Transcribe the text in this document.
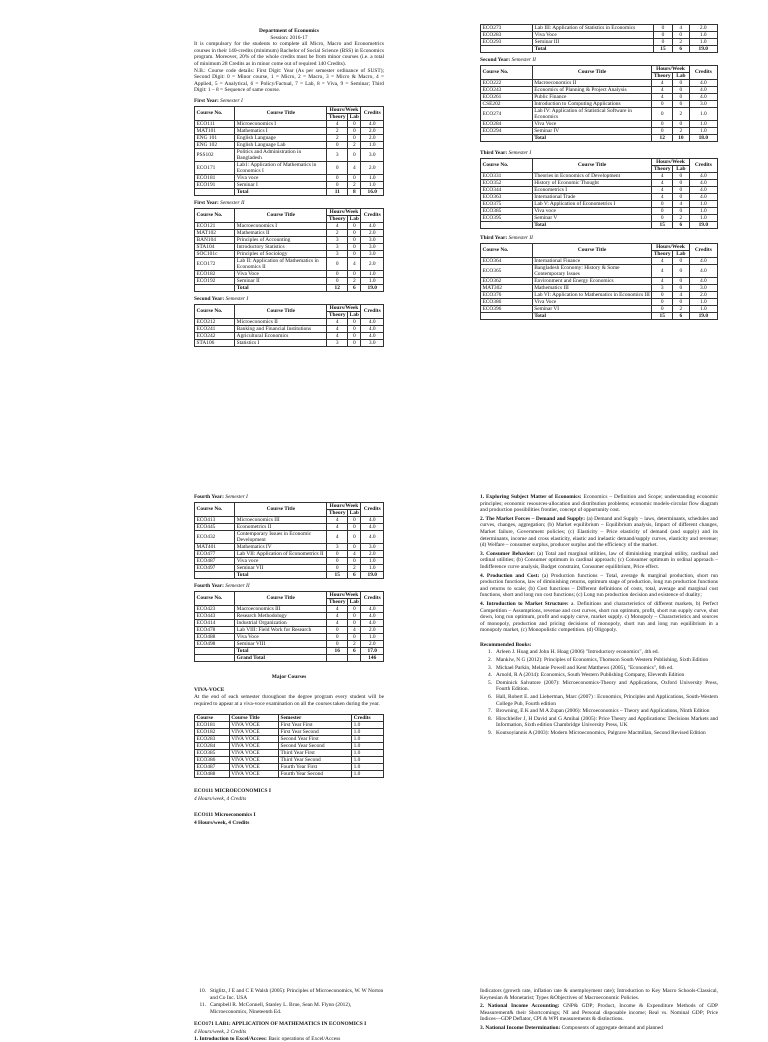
Department of Economics
Session: 2016-17
It is compulsory for the students to complete all Micro, Macro and Econometrics courses in their 140-credits (minimum) Bachelor of Social Science (BSS) in Economics program. Moreover, 20% of the whole credits must be from minor courses (i.e. a total of minimum 28 Credits as in minor come out of required 140 Credits).
N.B.: Course code details: First Digit: Year (As per semester ordinance of SUST); Second Digit: 0 = Minor course, 1 = Micro, 2 = Macro, 3 = Micro & Macro, 4 = Applied, 5 = Analytical, 6 = Policy/Factual, 7 = Lab, 8 = Viva, 9 = Seminar; Third Digit: 1 – 8 = Sequence of same course.
First Year: Semester I
Course No.	Course Title	Hours/Week		Credits
		Theory	Lab	
ECO111	Microeconomics I	4	0	4.0
MAT101	Mathematics I	2	0	2.0
ENG 101	English Language	2	0	2.0
ENG 102	English Language Lab	0	2	1.0
PSS102	Politics and Administration in Bangladesh	3	0	3.0
ECO171	Lab1: Application of Mathematics in Economics I	0	4	2.0
ECO181	Viva voce	0	0	1.0
ECO191	Seminar I	0	2	1.0
	Total	11	8	16.0
First Year: Semester II
Course No.	Course Title	Hours/Week		Credits
		Theory	Lab	
ECO121	Macroeconomics I	4	0	4.0
MAT102	Mathematics II	2	0	2.0
BAN104	Principles of Accounting	3	0	3.0
STA104	Introductory Statistics	3	0	3.0
SOC101c	Principles of Sociology	3	0	3.0
ECO172	Lab II: Application of Mathematics in Economics II	0	4	2.0
ECO182	Viva Voce	0	0	1.0
ECO192	Seminar II	0	2	1.0
	Total	12	6	19.0
Second Year: Semester I
Course No.	Course Title	Hours/Week		Credits
		Theory	Lab	
ECO212	Microeconomics II	4	0	4.0
ECO241	Banking and Financial Institutions	4	0	4.0
ECO242	Agricultural Economics	4	0	4.0
STA106	Statistics I	3	0	3.0
ECO273	Lab III: Application of Statistics in Economics	0	4	2.0
ECO283	Viva Voce	0	0	1.0
ECO293	Seminar III	0	2	1.0
	Total	15	6	19.0
Second Year: Semester II
Course No.	Course Title	Hours/Week		Credits
		Theory	Lab	
ECO222	Macroeconomics II	4	0	4.0
ECO243	Economics of Planning & Project Analysis	4	0	4.0
ECO261	Public Finance	4	0	4.0
CSE202	Introduction to Computing Applications	0	6	3.0
ECO274	Lab IV: Application of Statistical Software in Economics	0	2	1.0
ECO284	Viva Voce	0	0	1.0
ECO294	Seminar IV	0	2	1.0
	Total	12	10	18.0
Third Year: Semester I
Course No.	Course Title	Hours/Week		Credits
		Theory	Lab	
ECO331	Theories in Economics of Development	4	0	4.0
ECO352	History of Economic Thought	4	0	4.0
ECO344	Econometrics I	4	0	4.0
ECO363	International Trade	4	0	4.0
ECO375	Lab V: Application of Econometrics I	0	4	1.0
ECO385	Viva voce	0	0	1.0
ECO395	Seminar V	0	2	1.0
	Total	15	6	19.0
Third Year: Semester II
Course No.	Course Title	Hours/Week		Credits
		Theory	Lab	
ECO364	International Finance	4	0	4.0
ECO365	Bangladesh Economy: History & Some Contemporary Issues	4	0	4.0
ECO362	Environment and Energy Economics	4	0	4.0
MAT302	Mathematics III	3	0	3.0
ECO376	Lab VI: Application to Mathematics in Economics III	0	4	2.0
ECO386	Viva Voce	0	0	1.0
ECO396	Seminar VI	0	2	1.0
	Total	15	6	19.0
Fourth Year: Semester I
Course No.	Course Title	Hours/Week		Credits
		Theory	Lab	
ECO413	Microeconomics III	4	0	4.0
ECO445	Econometrics II	4	0	4.0
ECO432	Contemporary Issues in Economic Development	4	0	4.0
MAT401	Mathematics IV	3	0	3.0
ECO477	Lab VII: Application of Econometrics II	0	4	2.0
ECO487	Viva voce	0	0	1.0
ECO497	Seminar VII	0	2	1.0
	Total	15	6	19.0
Fourth Year: Semester II
Course No.	Course Title	Hours/Week		Credits
		Theory	Lab	
ECO423	Macroeconomics III	4	0	4.0
ECO443	Research Methodology	4	0	4.0
ECO414	Industrial Organization	4	0	4.0
ECO478	Lab VIII: Field Work for Research	0	4	2.0
ECO488	Viva Voce	0	0	1.0
ECO498	Seminar VIII	0	2	2.0
	Total	16	6	17.0
	Grand Total			146
Major Courses
VIVA-VOCE
At the end of each semester throughout the degree program every student will be required to appear at a viva-voce examination on all the courses taken during the year.
Course	Course Title	Semester	Credits
ECO181	VIVA VOCE	First Year First	1.0
ECO182	VIVA VOCE	First Year Second	1.0
ECO283	VIVA VOCE	Second Year First	1.0
ECO284	VIVA VOCE	Second Year Second	1.0
ECO385	VIVA VOCE	Third Year First	1.0
ECO386	VIVA VOCE	Third Year Second	1.0
ECO487	VIVA VOCE	Fourth Year First	1.0
ECO488	VIVA VOCE	Fourth Year Second	1.0
ECO111 MICROECONOMICS I
4 Hours/week, 4 Credits
ECO111 Microeconomics I
4 Hours/week, 4 Credits
1. Exploring Subject Matter of Economics: Economics – Definition and Scope; understanding economic principles; economic resources-allocation and distribution problems; economic models-circular flow diagram and production possibilities frontier, concept of opportunity cost.
2. The Market Forces – Demand and Supply: (a) Demand and Supply – laws, determinants, schedules and curves, changes, aggregation; (b) Market equilibrium – Equilibrium analysis, Impact of different changes, Market failure, Government policies; (c) Elasticity – Price elasticity of demand (and supply) and its determinants, income and cross elasticity, elastic and inelastic demand/supply curves, elasticity and revenue; (d) Welfare – consumer surplus, producer surplus and the efficiency of the market.
3. Consumer Behavior: (a) Total and marginal utilities, law of diminishing marginal utility, cardinal and ordinal utilities; (b) Consumer optimum in cardinal approach; (c) Consumer optimum in ordinal approach – Indifference curve analysis, Budget constraint, Consumer equilibrium, Price effect.
4. Production and Cost: (a) Production functions – Total, average & marginal production, short run production functions, law of diminishing returns, optimum stage of production, long run production functions and returns to scale; (b) Cost functions – Different definitions of costs, total, average and marginal cost functions, short and long run cost functions; (c) Long run production decision and existence of duality;
4. Introduction to Market Structure: a. Definitions and characteristics of different markets, b) Perfect Competition – Assumptions, revenue and cost curves, short run optimum, profit, short run supply curve, shut down, long run optimum, profit and supply curve, market supply. c) Monopoly – Characteristics and sources of monopoly, production and pricing decisions of monopoly, short run and long run equilibrium in a monopoly market, (c) Monopolistic competition. (d) Oligopoly.
Recommended Books:
1. Arleen J. Hoag and John H. Hoag (2006) "Introductory economics", 4th ed.
2. Mankiw, N G (2012): Principles of Economics, Thomson South Western Publishing, Sixth Edition
3. Michael Parkin, Melanie Powell and Kent Matthews (2005), "Economics", 6th ed.
4. Arnold, R A (2014): Economics, South Western Publishing Company, Eleventh Edition
5. Dominick Salvatore (2007): Microeconomics-Theory and Applications, Oxford University Press, Fourth Edition.
6. Hall, Robert E. and Lieberman, Marc (2007) : Economics, Principles and Applications, South-Western College Pub, Fourth edition
7. Browning, E K and M A Zupan (2006): Microeconomics – Theory and Applications, Ninth Edition
8. Hirschleifer J, H David and G Amihai (2005): Price Theory and Applications: Decisions Markets and Information, Sixth edition Chambridge University Press, UK
9. Koutsoyiannis A (2003): Modern Microeconomics, Palgrave Macmillan, Second Revised Edition
10. Stiglitz, J E and C E Walsh (2005): Principles of Microeconomics, W. W Norton and Co Inc. USA
11. Campbell R. McConnell, Stanley L. Brue, Sean M. Flynn (2012), Microeconomics, Nineteenth Ed.
ECO171 LAB1: APPLICATION OF MATHEMATICS IN ECONOMICS I
4 Hours/week, 2 Credits
1. Introduction to Excel/Access: Basic operations of Excel/Access
Indicators (growth rate, inflation rate & unemployment rate); Introduction to Key Macro Schools-Classical, Keynesian & Monetarist; Types &Objectives of Macroeconomic Policies.
2. National Income Accounting: GNP& GDP; Product, Income & Expenditure Methods of GDP Measurement& their Shortcomings; NI and Personal disposable income; Real vs. Nominal GDP; Price Indices—GDP Deflator, CPI & WPI measurements & distinctions.
3. National Income Determination: Components of aggregate demand and planned
